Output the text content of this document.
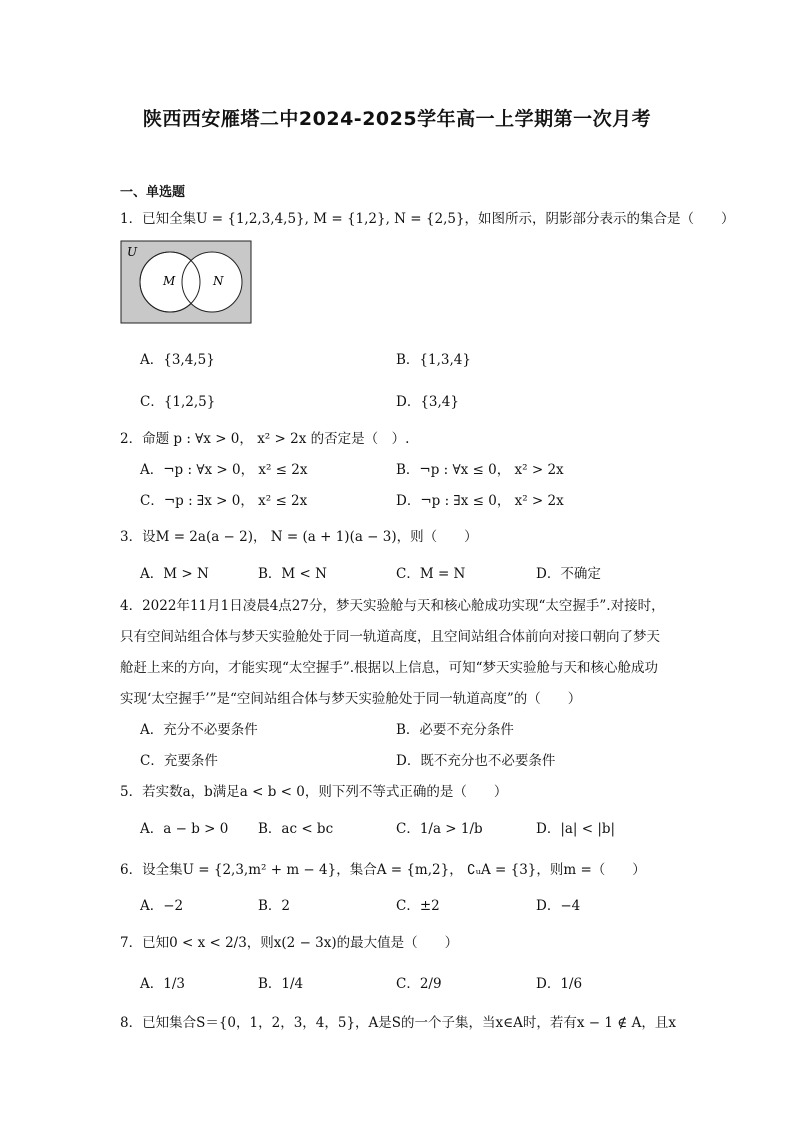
陕西西安雁塔二中2024-2025学年高一上学期第一次月考
一、单选题
1．已知全集U = {1,2,3,4,5}, M = {1,2}, N = {2,5}，如图所示，阴影部分表示的集合是（　　）
U
M	N
A．{3,4,5}	B．{1,3,4}
C．{1,2,5}	D．{3,4}
2．命题 p : ∀x > 0， x² > 2x 的否定是（　）.
A．¬p : ∀x > 0， x² ≤ 2x	B．¬p : ∀x ≤ 0， x² > 2x
C．¬p : ∃x > 0， x² ≤ 2x	D．¬p : ∃x ≤ 0， x² > 2x
3．设M = 2a(a − 2)， N = (a + 1)(a − 3)，则（　　）
A．M > N	B．M < N	C．M = N	D．不确定
4．2022年11月1日凌晨4点27分，梦天实验舱与天和核心舱成功实现“太空握手”.对接时，
只有空间站组合体与梦天实验舱处于同一轨道高度，且空间站组合体前向对接口朝向了梦天
舱赶上来的方向，才能实现“太空握手”.根据以上信息，可知“梦天实验舱与天和核心舱成功
实现‘太空握手’”是“空间站组合体与梦天实验舱处于同一轨道高度”的（　　）
A．充分不必要条件	B．必要不充分条件
C．充要条件	D．既不充分也不必要条件
5．若实数a，b满足a < b < 0，则下列不等式正确的是（　　）
A．a − b > 0 B．ac < bc	C．1/a > 1/b	D．|a| < |b|
6．设全集U = {2,3,m² + m − 4}，集合A = {m,2}， ∁ᵤA = {3}，则m =（　　）
A．−2	B．2	C．±2	D．−4
7．已知0 < x < 2/3，则x(2 − 3x)的最大值是（　　）
A．1/3	B．1/4	C．2/9	D．1/6
8．已知集合S＝{0，1，2，3，4，5}，A是S的一个子集，当x∈A时，若有x − 1 ∉ A，且x
